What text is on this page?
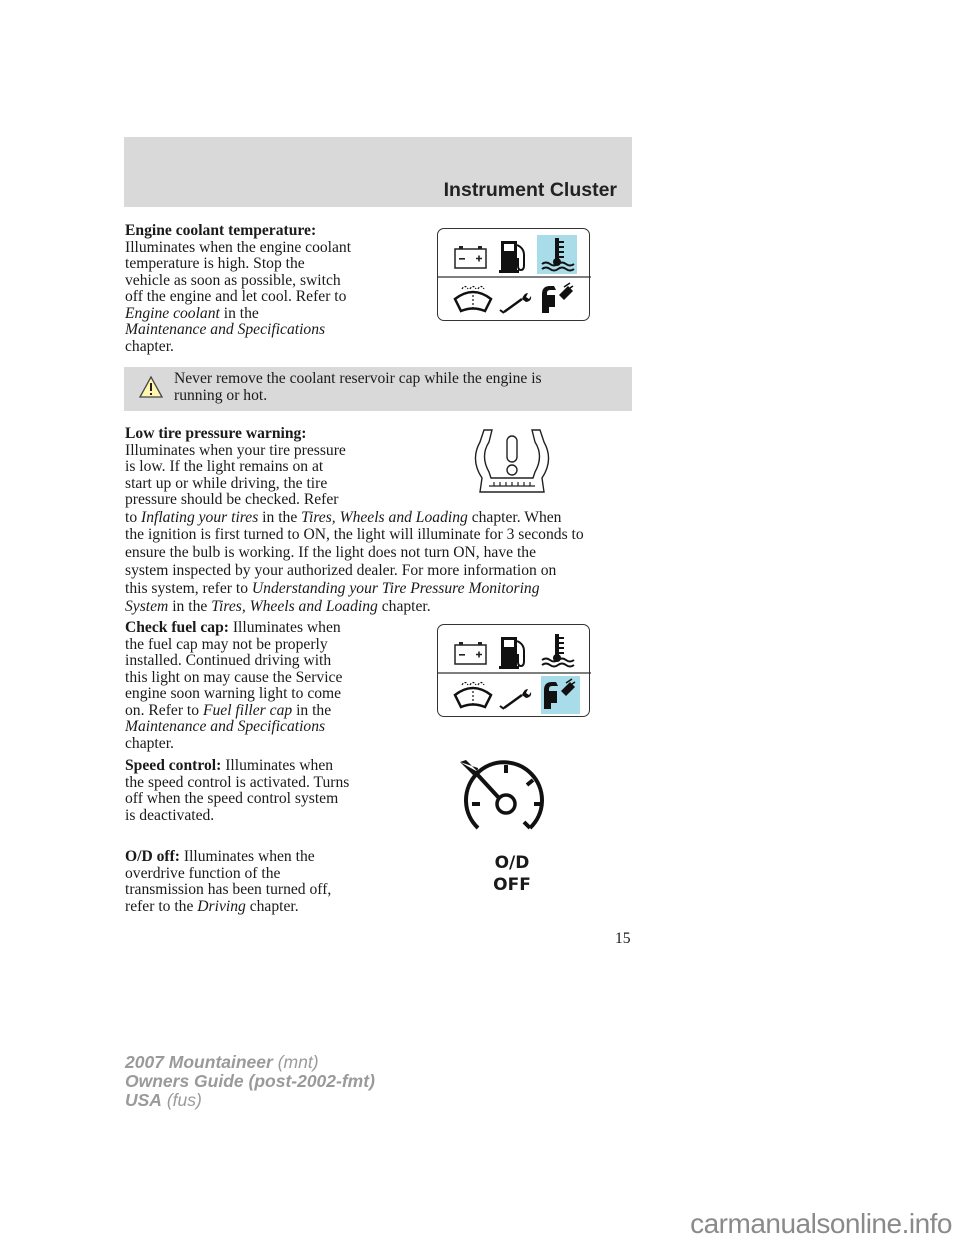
Instrument Cluster
Engine coolant temperature:
Illuminates when the engine coolant
temperature is high. Stop the
vehicle as soon as possible, switch
off the engine and let cool. Refer to
Engine coolant in the
Maintenance and Specifications
chapter.
Never remove the coolant reservoir cap while the engine is
running or hot.
Low tire pressure warning:
Illuminates when your tire pressure
is low. If the light remains on at
start up or while driving, the tire
pressure should be checked. Refer
to Inflating your tires in the Tires, Wheels and Loading chapter. When
the ignition is first turned to ON, the light will illuminate for 3 seconds to
ensure the bulb is working. If the light does not turn ON, have the
system inspected by your authorized dealer. For more information on
this system, refer to Understanding your Tire Pressure Monitoring
System in the Tires, Wheels and Loading chapter.
Check fuel cap: Illuminates when
the fuel cap may not be properly
installed. Continued driving with
this light on may cause the Service
engine soon warning light to come
on. Refer to Fuel filler cap in the
Maintenance and Specifications
chapter.
Speed control: Illuminates when
the speed control is activated. Turns
off when the speed control system
is deactivated.
O/D off: Illuminates when the
overdrive function of the
transmission has been turned off,
refer to the Driving chapter.
O/D
OFF
15
2007 Mountaineer (mnt)
Owners Guide (post-2002-fmt)
USA (fus)
carmanualsonline.info
